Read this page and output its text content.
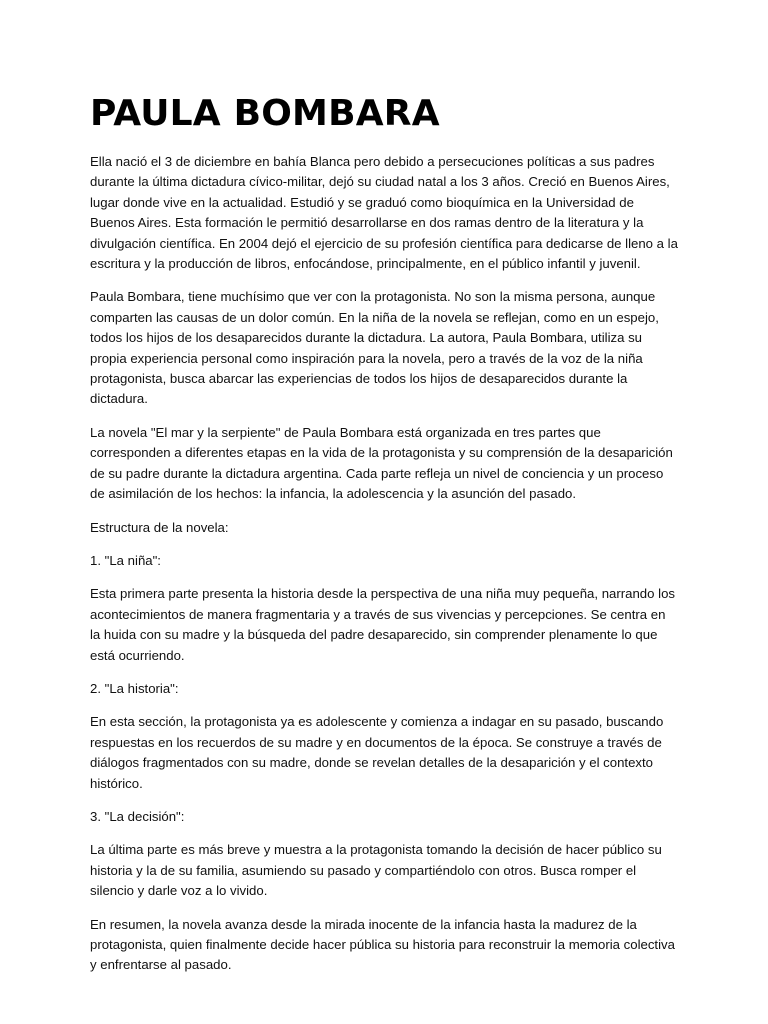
PAULA BOMBARA

Ella nació el 3 de diciembre en bahía Blanca pero debido a persecuciones políticas a sus padres durante la última dictadura cívico-militar, dejó su ciudad natal a los 3 años. Creció en Buenos Aires, lugar donde vive en la actualidad. Estudió y se graduó como bioquímica en la Universidad de Buenos Aires. Esta formación le permitió desarrollarse en dos ramas dentro de la literatura y la divulgación científica. En 2004 dejó el ejercicio de su profesión científica para dedicarse de lleno a la escritura y la producción de libros, enfocándose, principalmente, en el público infantil y juvenil.

Paula Bombara, tiene muchísimo que ver con la protagonista. No son la misma persona, aunque comparten las causas de un dolor común. En la niña de la novela se reflejan, como en un espejo, todos los hijos de los desaparecidos durante la dictadura. La autora, Paula Bombara, utiliza su propia experiencia personal como inspiración para la novela, pero a través de la voz de la niña protagonista, busca abarcar las experiencias de todos los hijos de desaparecidos durante la dictadura.

La novela "El mar y la serpiente" de Paula Bombara está organizada en tres partes que corresponden a diferentes etapas en la vida de la protagonista y su comprensión de la desaparición de su padre durante la dictadura argentina. Cada parte refleja un nivel de conciencia y un proceso de asimilación de los hechos: la infancia, la adolescencia y la asunción del pasado.

Estructura de la novela:

1. "La niña":

Esta primera parte presenta la historia desde la perspectiva de una niña muy pequeña, narrando los acontecimientos de manera fragmentaria y a través de sus vivencias y percepciones. Se centra en la huida con su madre y la búsqueda del padre desaparecido, sin comprender plenamente lo que está ocurriendo.

2. "La historia":

En esta sección, la protagonista ya es adolescente y comienza a indagar en su pasado, buscando respuestas en los recuerdos de su madre y en documentos de la época. Se construye a través de diálogos fragmentados con su madre, donde se revelan detalles de la desaparición y el contexto histórico.

3. "La decisión":

La última parte es más breve y muestra a la protagonista tomando la decisión de hacer público su historia y la de su familia, asumiendo su pasado y compartiéndolo con otros. Busca romper el silencio y darle voz a lo vivido.

En resumen, la novela avanza desde la mirada inocente de la infancia hasta la madurez de la protagonista, quien finalmente decide hacer pública su historia para reconstruir la memoria colectiva y enfrentarse al pasado.
